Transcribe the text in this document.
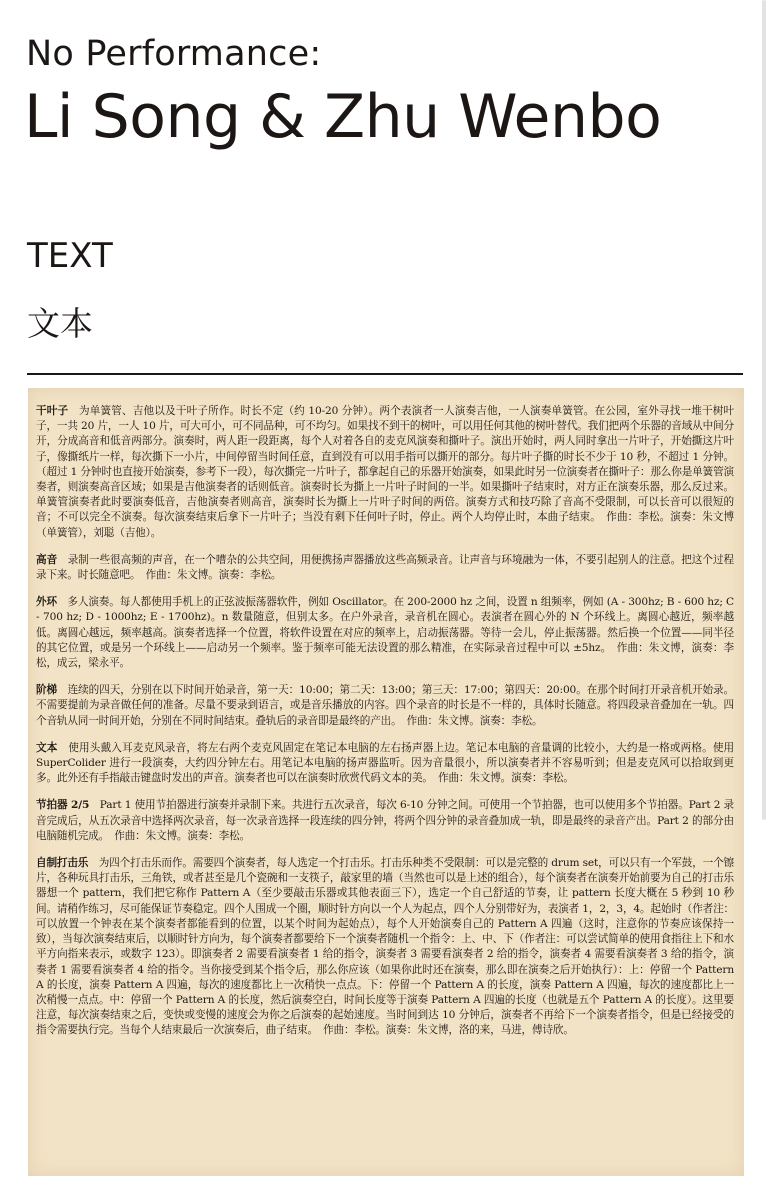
No Performance:
Li Song & Zhu Wenbo
TEXT
文本

干叶子　 为单簧管、吉他以及干叶子所作。时长不定（约 10-20 分钟）。两个表演者一人演奏吉他，一人演奏单簧管。在公园，室外寻找一堆干树叶子，一共 20 片，一人 10 片，可大可小，可不同品种，可不均匀。如果找不到干的树叶，可以用任何其他的树叶替代。我们把两个乐器的音域从中间分开，分成高音和低音两部分。演奏时，两人距一段距离，每个人对着各自的麦克风演奏和撕叶子。演出开始时，两人同时拿出一片叶子，开始撕这片叶子，像撕纸片一样，每次撕下一小片，中间停留当时间任意，直到没有可以用手指可以撕开的部分。每片叶子撕的时长不少于 10 秒，不超过 1 分钟。（超过 1 分钟时也直接开始演奏，参考下一段），每次撕完一片叶子，都拿起自己的乐器开始演奏，如果此时另一位演奏者在撕叶子：那么你是单簧管演奏者，则演奏高音区域；如果是吉他演奏者的话则低音。演奏时长为撕上一片叶子时间的一半。如果撕叶子结束时，对方正在演奏乐器，那么反过来。单簧管演奏者此时要演奏低音，吉他演奏者则高音，演奏时长为撕上一片叶子时间的两倍。演奏方式和技巧除了音高不受限制，可以长音可以很短的音；不可以完全不演奏。每次演奏结束后拿下一片叶子；当没有剩下任何叶子时，停止。两个人均停止时，本曲子结束。　作曲：李松。演奏：朱文博（单簧管），刘聪（吉他）。

高音　 录制一些很高频的声音，在一个嘈杂的公共空间，用便携扬声器播放这些高频录音。让声音与环境融为一体，不要引起别人的注意。把这个过程录下来。时长随意吧。　作曲：朱文博。演奏：李松。

外环　 多人演奏。每人都使用手机上的正弦波振荡器软件，例如 Oscillator。在 200-2000 hz 之间，设置 n 组频率，例如 (A - 300hz; B - 600 hz; C - 700 hz; D - 1000hz; E - 1700hz)。n 数量随意，但别太多。在户外录音，录音机在圆心。表演者在圆心外的 N 个环线上。离圆心越近，频率越低。离圆心越远，频率越高。演奏者选择一个位置，将软件设置在对应的频率上，启动振荡器。等待一会儿，停止振荡器。然后换一个位置——同半径的其它位置，或是另一个环线上——启动另一个频率。鉴于频率可能无法设置的那么精准，在实际录音过程中可以 ±5hz。　作曲：朱文博，演奏：李松，成云，梁永平。

阶梯　 连续的四天，分别在以下时间开始录音，第一天：10:00；第二天：13:00；第三天：17:00；第四天：20:00。在那个时间打开录音机开始录。不需要提前为录音做任何的准备。尽量不要录到语言，或是音乐播放的内容。四个录音的时长是不一样的，具体时长随意。将四段录音叠加在一轨。四个音轨从同一时间开始，分别在不同时间结束。叠轨后的录音即是最终的产出。　作曲：朱文博。演奏：李松。

文本　 使用头戴入耳麦克风录音，将左右两个麦克风固定在笔记本电脑的左右扬声器上边。笔记本电脑的音量调的比较小，大约是一格或两格。使用 SuperColider 进行一段演奏，大约四分钟左右。用笔记本电脑的扬声器监听。因为音量很小，所以演奏者并不容易听到；但是麦克风可以拾取到更多。此外还有手指敲击键盘时发出的声音。演奏者也可以在演奏时欣赏代码文本的美。　作曲：朱文博。演奏：李松。

节拍器 2/5　 Part 1 使用节拍器进行演奏并录制下来。共进行五次录音，每次 6-10 分钟之间。可使用一个节拍器，也可以使用多个节拍器。Part 2 录音完成后，从五次录音中选择两次录音，每一次录音选择一段连续的四分钟，将两个四分钟的录音叠加成一轨，即是最终的录音产出。Part 2 的部分由电脑随机完成。　作曲：朱文博。演奏：李松。

自制打击乐　 为四个打击乐而作。需要四个演奏者，每人选定一个打击乐。打击乐种类不受限制：可以是完整的 drum set，可以只有一个军鼓，一个镲片，各种玩具打击乐，三角铁，或者甚至是几个瓷碗和一支筷子，敲家里的墙（当然也可以是上述的组合），每个演奏者在演奏开始前要为自己的打击乐器想一个 pattern，我们把它称作 Pattern A（至少要敲击乐器或其他表面三下），选定一个自己舒适的节奏，让 pattern 长度大概在 5 秒到 10 秒间。请稍作练习，尽可能保证节奏稳定。四个人围成一个圈，顺时针方向以一个人为起点，四个人分别带好为，表演者 1，2，3，4。起始时（作者注：可以放置一个钟表在某个演奏者都能看到的位置，以某个时间为起始点），每个人开始演奏自己的 Pattern A 四遍（这时，注意你的节奏应该保持一致），当每次演奏结束后，以顺时针方向为，每个演奏者都要给下一个演奏者随机一个指令：上、中、下（作者注：可以尝试简单的使用食指往上下和水平方向指来表示，或数字 123）。即演奏者 2 需要看演奏者 1 给的指令，演奏者 3 需要看演奏者 2 给的指令，演奏者 4 需要看演奏者 3 给的指令，演奏者 1 需要看演奏者 4 给的指令。当你接受到某个指令后，那么你应该（如果你此时还在演奏，那么即在演奏之后开始执行）：上：停留一个 Pattern A 的长度，演奏 Pattern A 四遍，每次的速度都比上一次稍快一点点。下：停留一个 Pattern A 的长度，演奏 Pattern A 四遍，每次的速度都比上一次稍慢一点点。中：停留一个 Pattern A 的长度，然后演奏空白，时间长度等于演奏 Pattern A 四遍的长度（也就是五个 Pattern A 的长度）。这里要注意，每次演奏结束之后，变快或变慢的速度会为你之后演奏的起始速度。当时间到达 10 分钟后，演奏者不再给下一个演奏者指令，但是已经接受的指令需要执行完。当每个人结束最后一次演奏后，曲子结束。　作曲：李松。演奏：朱文博，洛的来，马进，傅诗欣。
